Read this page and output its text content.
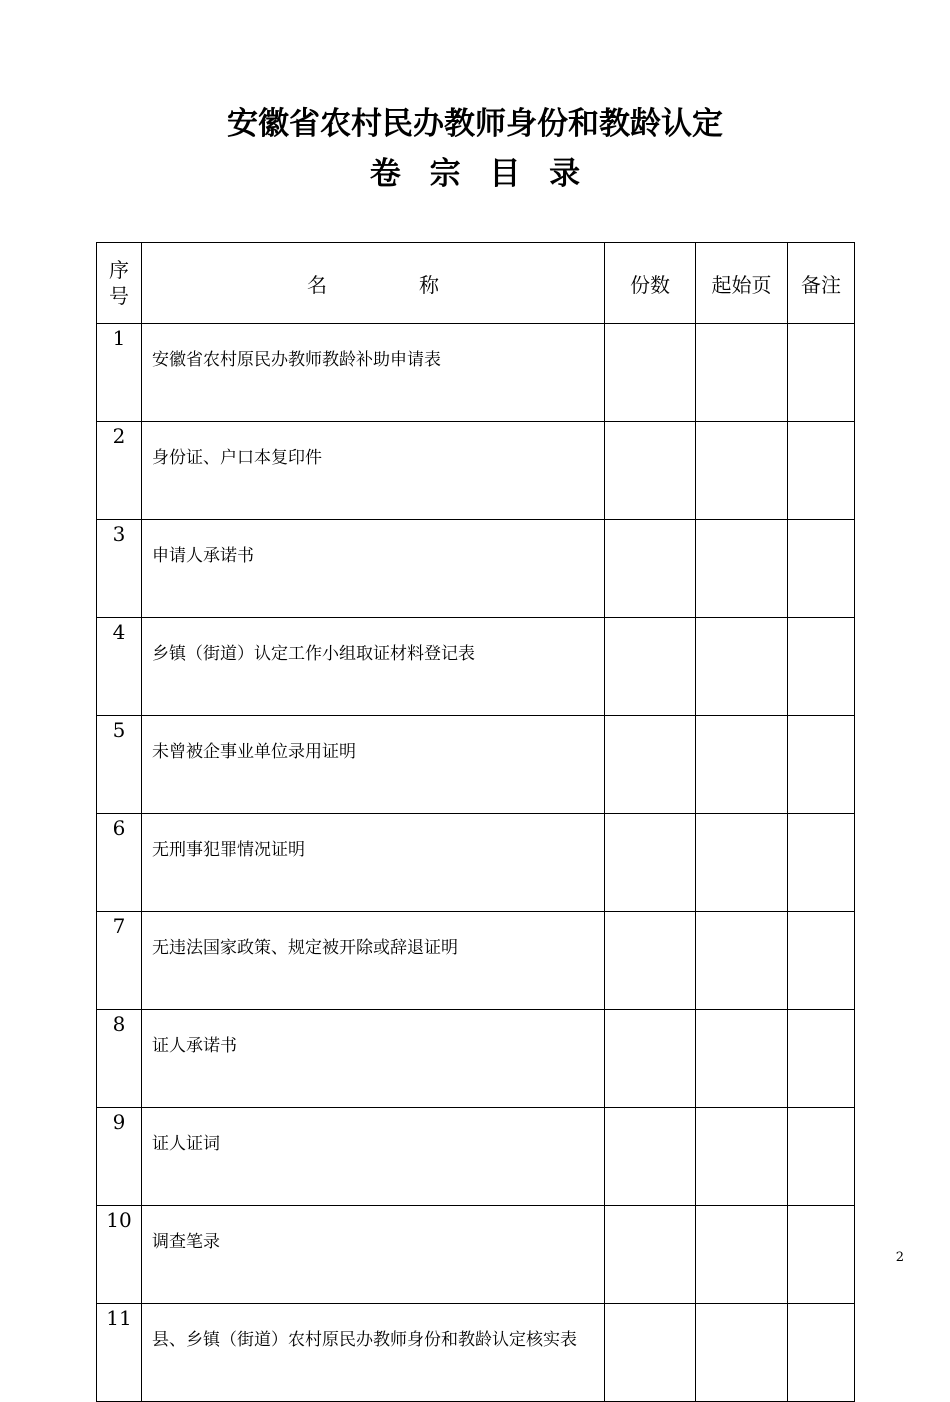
安徽省农村民办教师身份和教龄认定
卷 宗 目 录
序
号	名 称	份数	起始页	备注
1	安徽省农村原民办教师教龄补助申请表			
2	身份证、户口本复印件			
3	申请人承诺书			
4	乡镇（街道）认定工作小组取证材料登记表			
5	未曾被企事业单位录用证明			
6	无刑事犯罪情况证明			
7	无违法国家政策、规定被开除或辞退证明			
8	证人承诺书			
9	证人证词			
10	调查笔录			
11	县、乡镇（街道）农村原民办教师身份和教龄认定核实表			
2
